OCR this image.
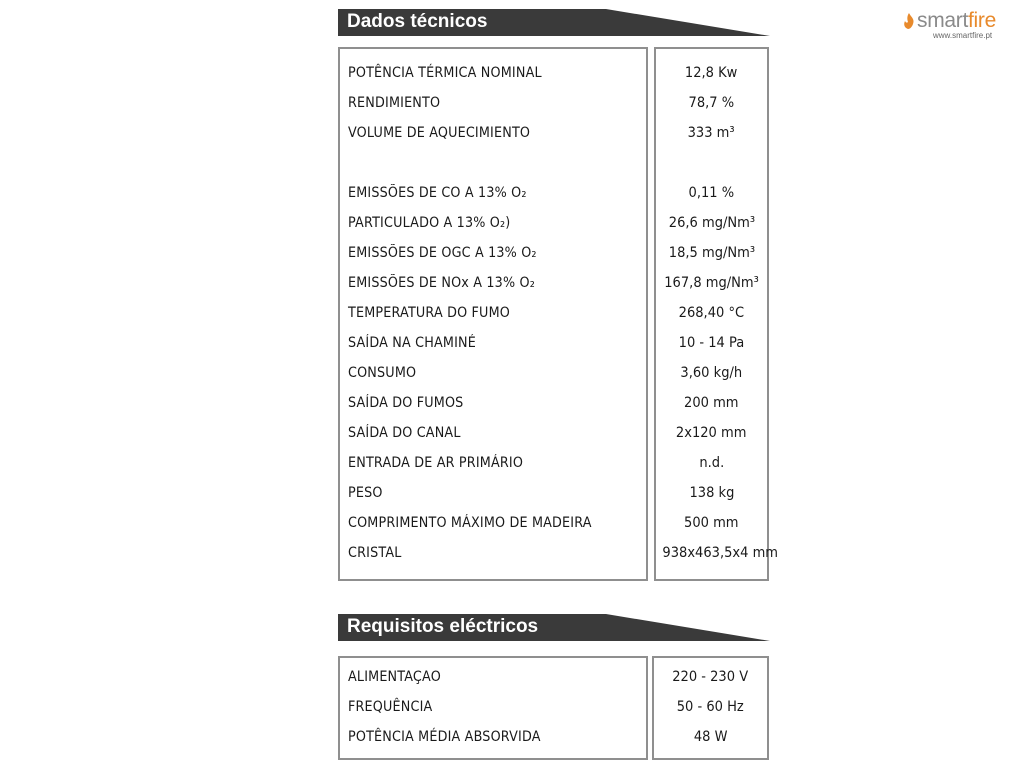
smartfire
www.smartfire.pt
Dados técnicos
POTÊNCIA TÉRMICA NOMINAL
RENDIMIENTO
VOLUME DE AQUECIMIENTO
EMISSÕES DE CO A 13% O₂
PARTICULADO A 13% O₂)
EMISSÕES DE OGC A 13% O₂
EMISSÕES DE NOx A 13% O₂
TEMPERATURA DO FUMO
SAÍDA NA CHAMINÉ
CONSUMO
SAÍDA DO FUMOS
SAÍDA DO CANAL
ENTRADA DE AR PRIMÁRIO
PESO
COMPRIMENTO MÁXIMO DE MADEIRA
CRISTAL
12,8 Kw
78,7 %
333 m³
0,11 %
26,6 mg/Nm³
18,5 mg/Nm³
167,8 mg/Nm³
268,40 °C
10 - 14 Pa
3,60 kg/h
200 mm
2x120 mm
n.d.
138 kg
500 mm
938x463,5x4 mm
Requisitos eléctricos
ALIMENTAÇAO
FREQUÊNCIA
POTÊNCIA MÉDIA ABSORVIDA
220 - 230 V
50 - 60 Hz
48 W
